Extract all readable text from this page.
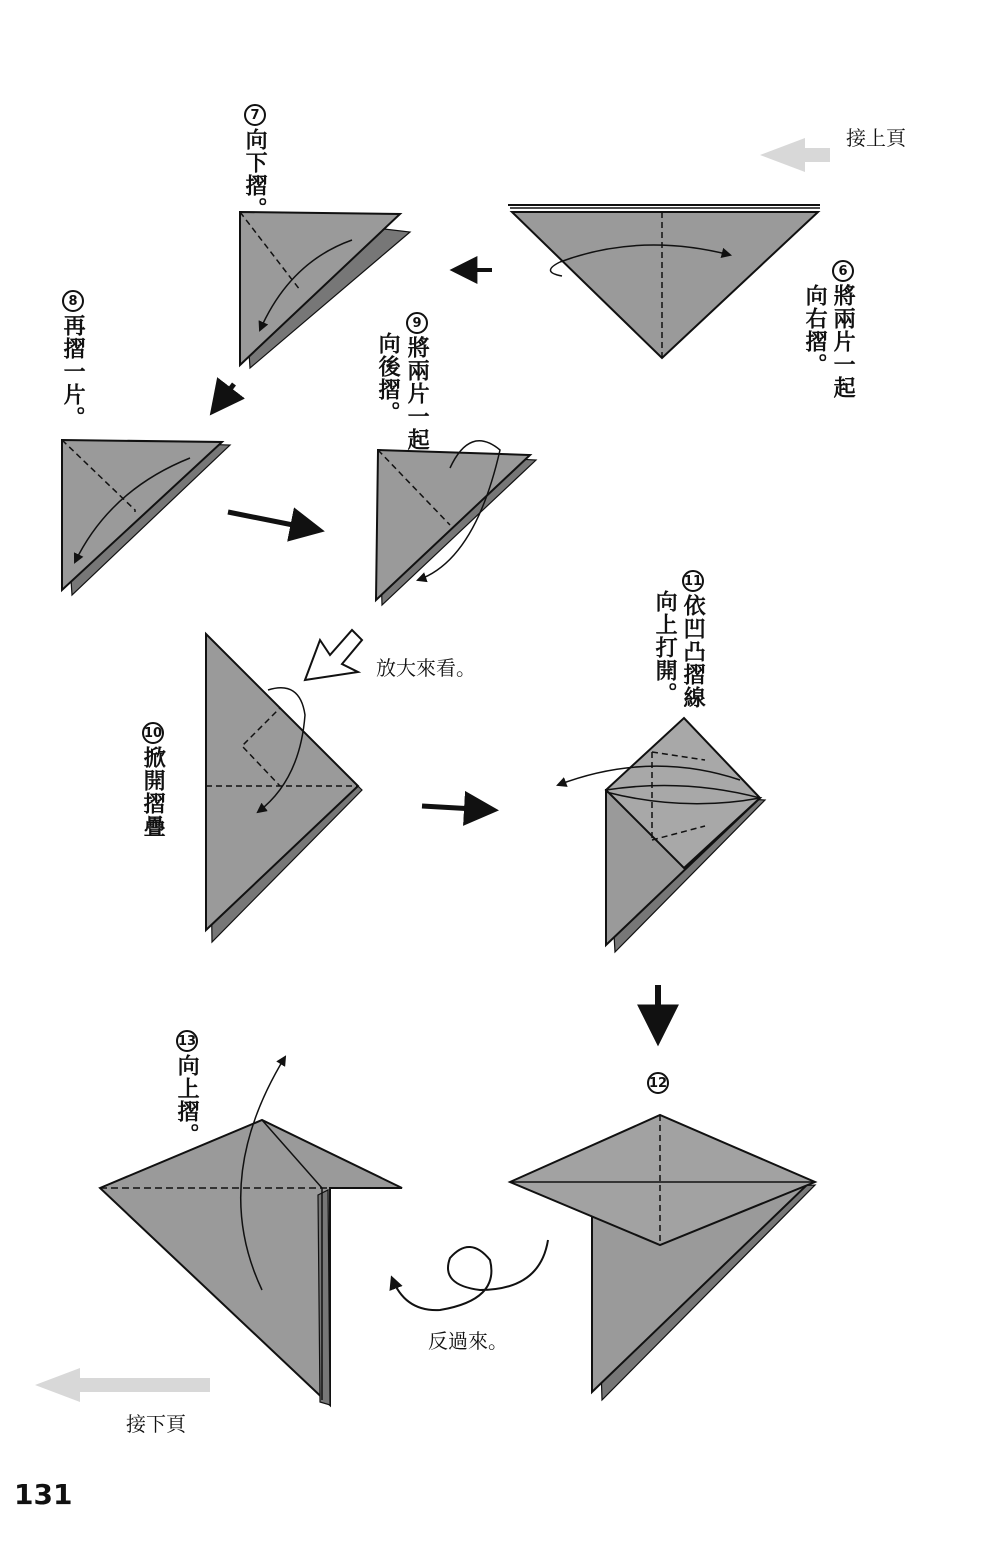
接上頁
接下頁
6
將兩片一起
向右摺。
7
向下摺。
8
再摺一片。	9
將兩片一起
向後摺。
放大來看。
10
掀開摺疊
11
依凹凸摺線
向上打開。
12
反過來。
13
向上摺。
131
